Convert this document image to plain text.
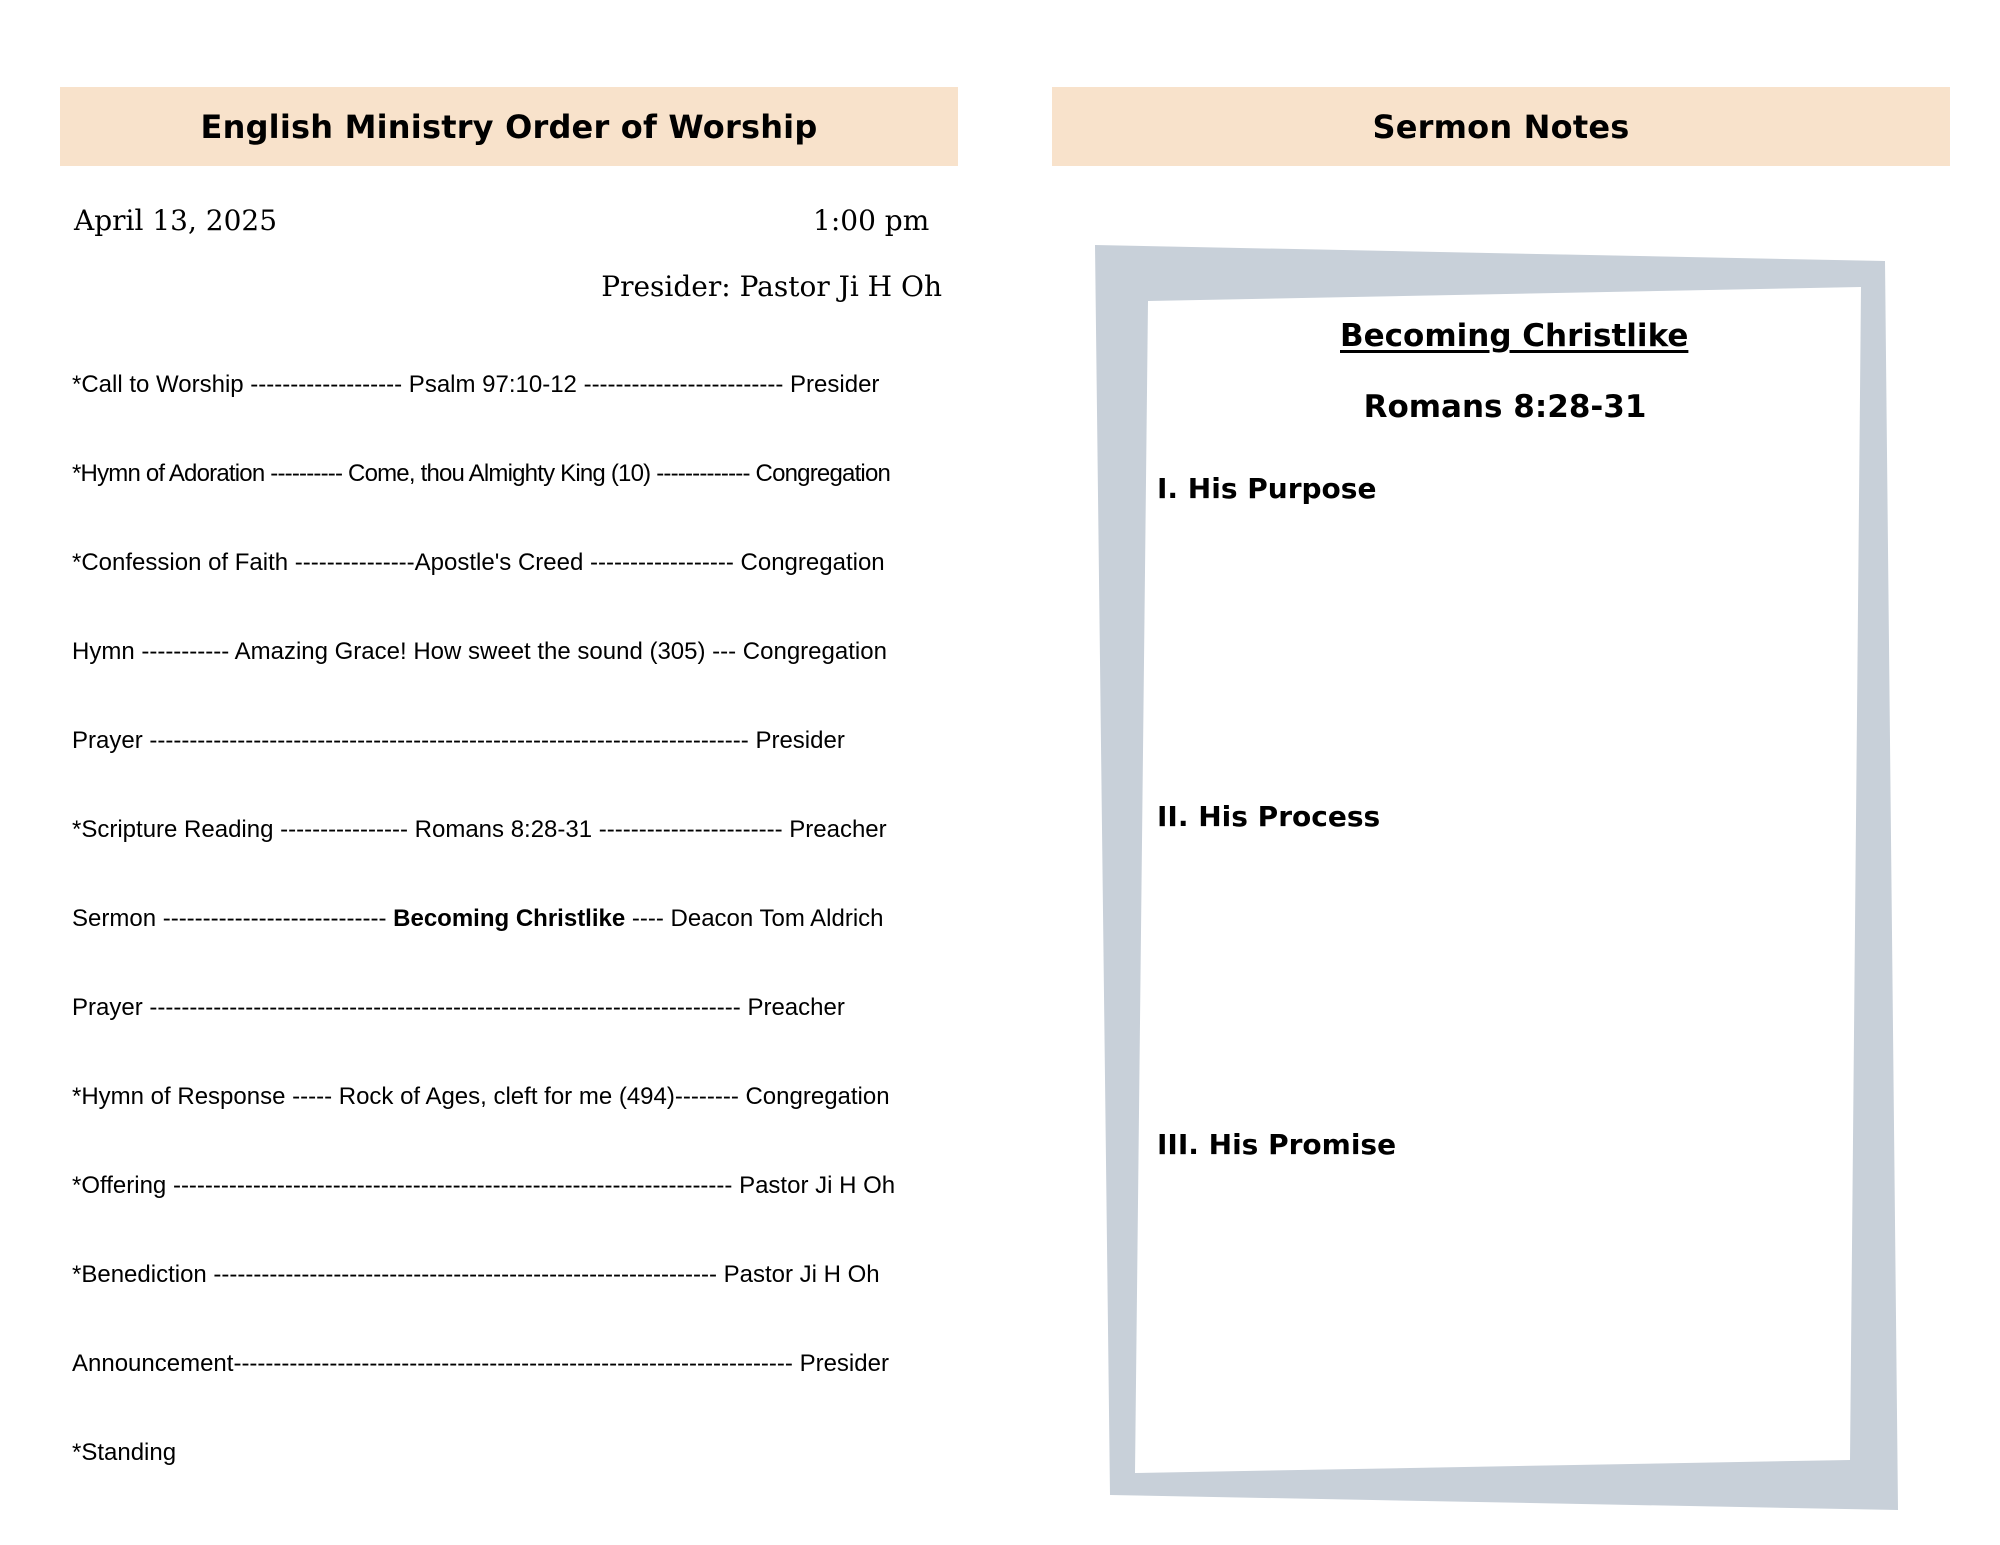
English Ministry Order of Worship
April 13, 2025	1:00 pm
Presider: Pastor Ji H Oh
*Call to Worship ------------------- Psalm 97:10-12 ------------------------- Presider
*Hymn of Adoration ---------- Come, thou Almighty King (10) ------------- Congregation
*Confession of Faith ---------------Apostle's Creed ------------------ Congregation
Hymn ----------- Amazing Grace! How sweet the sound (305) --- Congregation
Prayer --------------------------------------------------------------------------- Presider
*Scripture Reading ---------------- Romans 8:28-31 ----------------------- Preacher
Sermon ---------------------------- Becoming Christlike ---- Deacon Tom Aldrich
Prayer -------------------------------------------------------------------------- Preacher
*Hymn of Response ----- Rock of Ages, cleft for me (494)-------- Congregation
*Offering ---------------------------------------------------------------------- Pastor Ji H Oh
*Benediction --------------------------------------------------------------- Pastor Ji H Oh
Announcement---------------------------------------------------------------------- Presider
*Standing
Sermon Notes
Becoming Christlike
Romans 8:28-31
I. His Purpose
II. His Process
III. His Promise
